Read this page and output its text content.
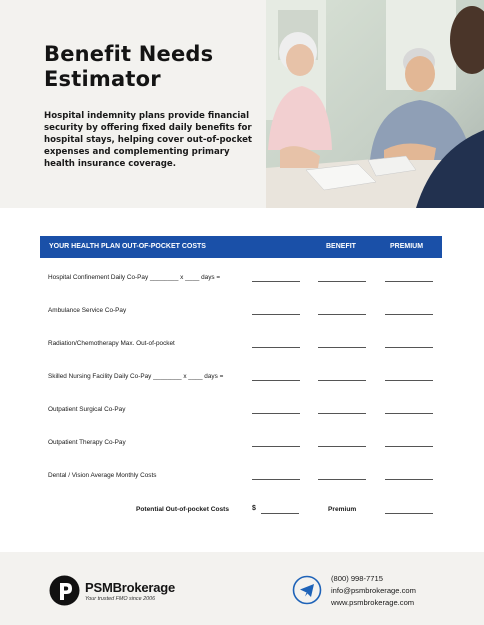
Benefit Needs Estimator
Hospital indemnity plans provide financial security by offering fixed daily benefits for hospital stays, helping cover out-of-pocket expenses and complementing primary health insurance coverage.
YOUR HEALTH PLAN OUT-OF-POCKET COSTS	BENEFIT	PREMIUM
Hospital Confinement Daily Co-Pay ________ x ____ days =
Ambulance Service Co-Pay
Radiation/Chemotherapy Max. Out-of-pocket
Skilled Nursing Facility Daily Co-Pay ________ x ____ days =
Outpatient Surgical Co-Pay
Outpatient Therapy Co-Pay
Dental / Vision Average Monthly Costs
Potential Out-of-pocket Costs	$	Premium
PSMBrokerage
Your trusted FMO since 2006
(800) 998-7715
info@psmbrokerage.com
www.psmbrokerage.com
